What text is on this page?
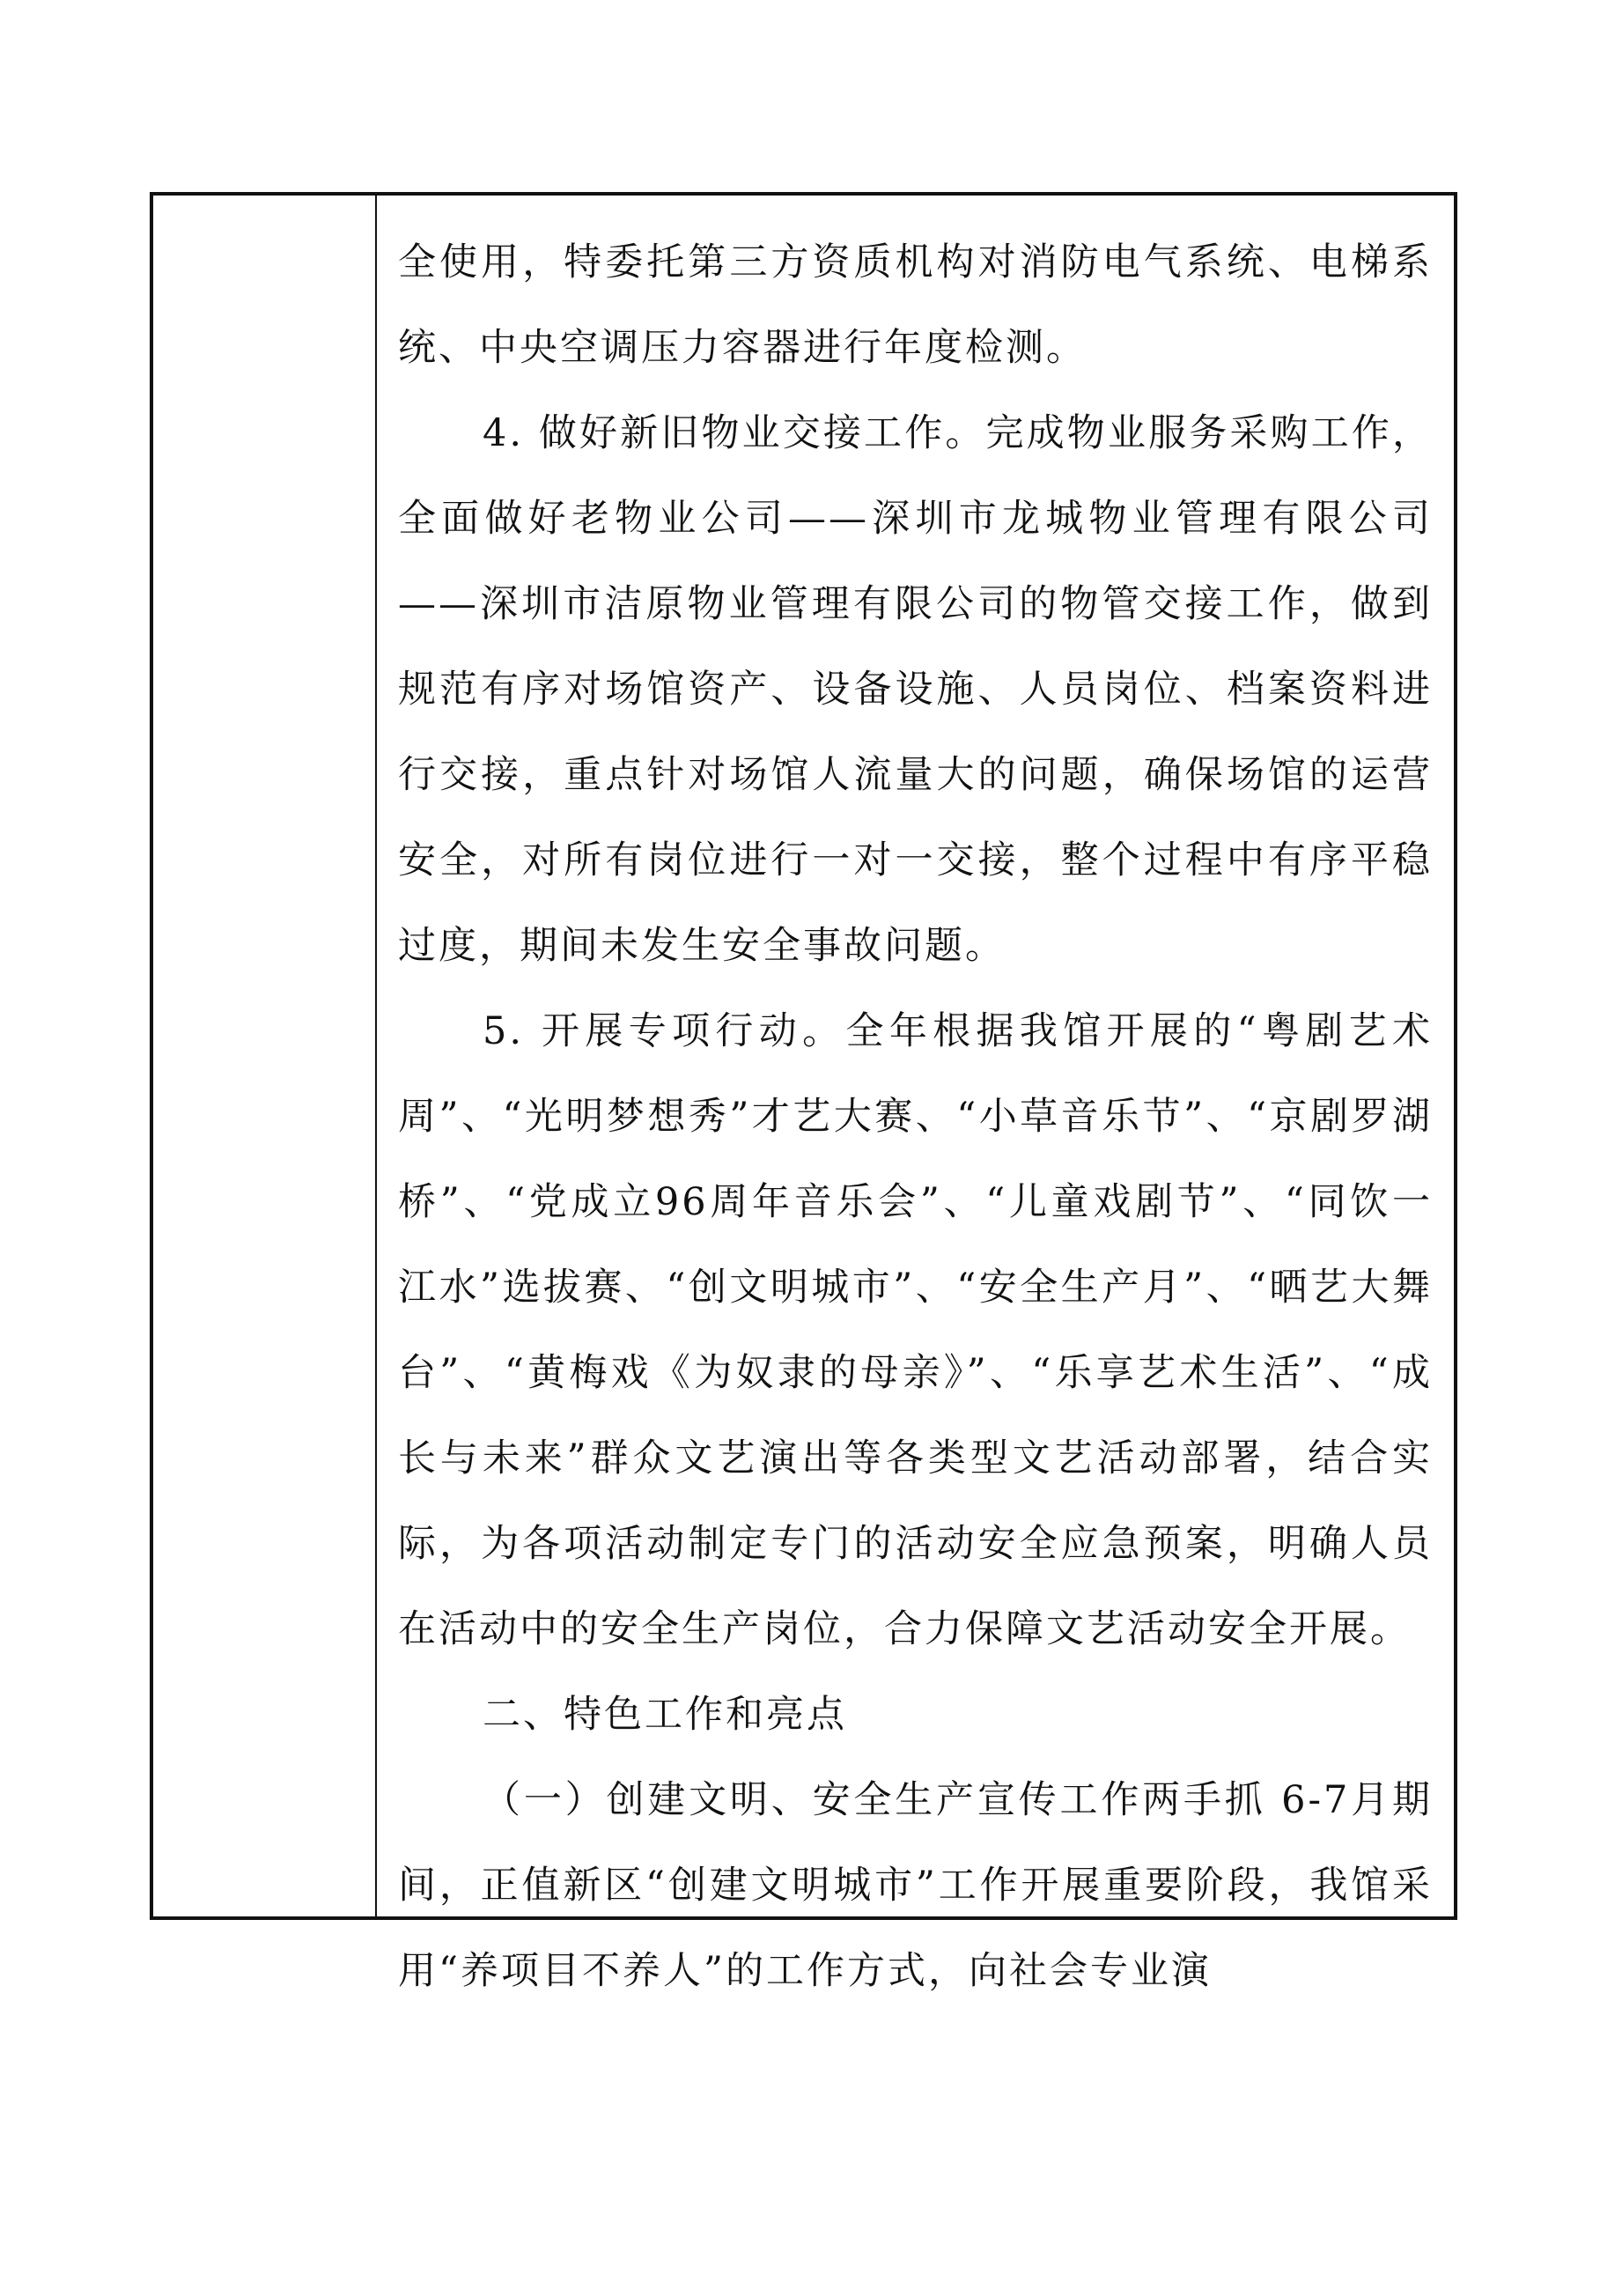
全使用，特委托第三方资质机构对消防电气系统、电梯系统、中央空调压力容器进行年度检测。

4. 做好新旧物业交接工作。完成物业服务采购工作，全面做好老物业公司——深圳市龙城物业管理有限公司——深圳市洁原物业管理有限公司的物管交接工作，做到规范有序对场馆资产、设备设施、人员岗位、档案资料进行交接，重点针对场馆人流量大的问题，确保场馆的运营安全，对所有岗位进行一对一交接，整个过程中有序平稳过度，期间未发生安全事故问题。

5. 开展专项行动。全年根据我馆开展的“粤剧艺术周”、“光明梦想秀”才艺大赛、“小草音乐节”、“京剧罗湖桥”、“党成立96周年音乐会”、“儿童戏剧节”、“同饮一江水”选拔赛、“创文明城市”、“安全生产月”、“晒艺大舞台”、“黄梅戏《为奴隶的母亲》”、“乐享艺术生活”、“成长与未来”群众文艺演出等各类型文艺活动部署，结合实际，为各项活动制定专门的活动安全应急预案，明确人员在活动中的安全生产岗位，合力保障文艺活动安全开展。

二、特色工作和亮点

（一）创建文明、安全生产宣传工作两手抓 6-7月期间，正值新区“创建文明城市”工作开展重要阶段，我馆采用“养项目不养人”的工作方式，向社会专业演
